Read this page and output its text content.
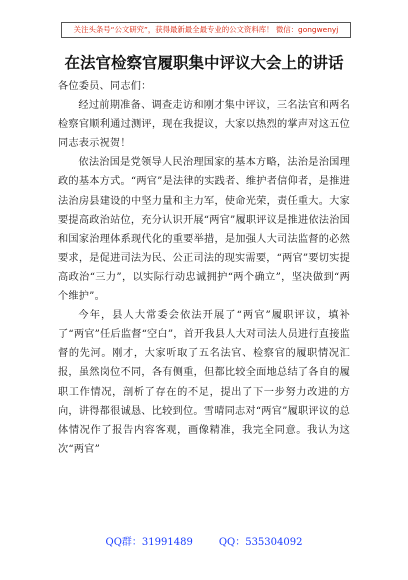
关注头条号“公文研究”，获得最新最全最专业的公文资料库！ 微信：gongwenyj
在法官检察官履职集中评议大会上的讲话

各位委员、同志们：

经过前期准备、调查走访和刚才集中评议，三名法官和两名检察官顺利通过测评，现在我提议，大家以热烈的掌声对这五位同志表示祝贺！

依法治国是党领导人民治理国家的基本方略，法治是治国理政的基本方式。“两官”是法律的实践者、维护者信仰者，是推进法治房县建设的中坚力量和主力军，使命光荣，责任重大。大家要提高政治站位，充分认识开展“两官”履职评议是推进依法治国和国家治理体系现代化的重要举措，是加强人大司法监督的必然要求，是促进司法为民、公正司法的现实需要，“两官”要切实提高政治“三力”，以实际行动忠诚拥护“两个确立”，坚决做到“两个维护”。

今年，县人大常委会依法开展了“两官”履职评议，填补了“两官”任后监督“空白”，首开我县人大对司法人员进行直接监督的先河。刚才，大家听取了五名法官、检察官的履职情况汇报，虽然岗位不同，各有侧重，但都比较全面地总结了各自的履职工作情况，剖析了存在的不足，提出了下一步努力改进的方向，讲得都很诚恳、比较到位。雪晴同志对“两官”履职评议的总体情况作了报告内容客观，画像精准，我完全同意。我认为这次“两官”

QQ群：31991489	QQ：535304092
